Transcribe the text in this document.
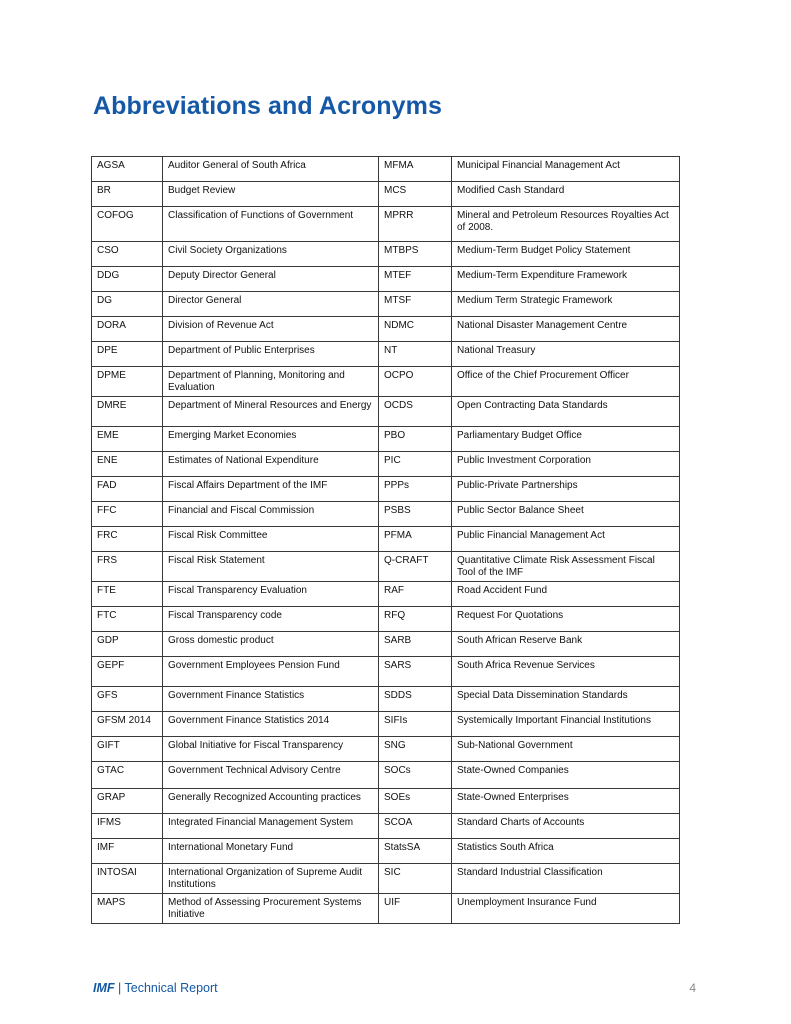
Abbreviations and Acronyms
AGSA	Auditor General of South Africa	MFMA	Municipal Financial Management Act
BR	Budget Review	MCS	Modified Cash Standard
COFOG	Classification of Functions of Government	MPRR	Mineral and Petroleum Resources Royalties Act of 2008.
CSO	Civil Society Organizations	MTBPS	Medium-Term Budget Policy Statement
DDG	Deputy Director General	MTEF	Medium-Term Expenditure Framework
DG	Director General	MTSF	Medium Term Strategic Framework
DORA	Division of Revenue Act	NDMC	National Disaster Management Centre
DPE	Department of Public Enterprises	NT	National Treasury
DPME	Department of Planning, Monitoring and Evaluation	OCPO	Office of the Chief Procurement Officer
DMRE	Department of Mineral Resources and Energy	OCDS	Open Contracting Data Standards
EME	Emerging Market Economies	PBO	Parliamentary Budget Office
ENE	Estimates of National Expenditure	PIC	Public Investment Corporation
FAD	Fiscal Affairs Department of the IMF	PPPs	Public-Private Partnerships
FFC	Financial and Fiscal Commission	PSBS	Public Sector Balance Sheet
FRC	Fiscal Risk Committee	PFMA	Public Financial Management Act
FRS	Fiscal Risk Statement	Q-CRAFT	Quantitative Climate Risk Assessment Fiscal Tool of the IMF
FTE	Fiscal Transparency Evaluation	RAF	Road Accident Fund
FTC	Fiscal Transparency code	RFQ	Request For Quotations
GDP	Gross domestic product	SARB	South African Reserve Bank
GEPF	Government Employees Pension Fund	SARS	South Africa Revenue Services
GFS	Government Finance Statistics	SDDS	Special Data Dissemination Standards
GFSM 2014	Government Finance Statistics 2014	SIFIs	Systemically Important Financial Institutions
GIFT	Global Initiative for Fiscal Transparency	SNG	Sub-National Government
GTAC	Government Technical Advisory Centre	SOCs	State-Owned Companies
GRAP	Generally Recognized Accounting practices	SOEs	State-Owned Enterprises
IFMS	Integrated Financial Management System	SCOA	Standard Charts of Accounts
IMF	International Monetary Fund	StatsSA	Statistics South Africa
INTOSAI	International Organization of Supreme Audit Institutions	SIC	Standard Industrial Classification
MAPS	Method of Assessing Procurement Systems Initiative	UIF	Unemployment Insurance Fund
IMF | Technical Report	4
